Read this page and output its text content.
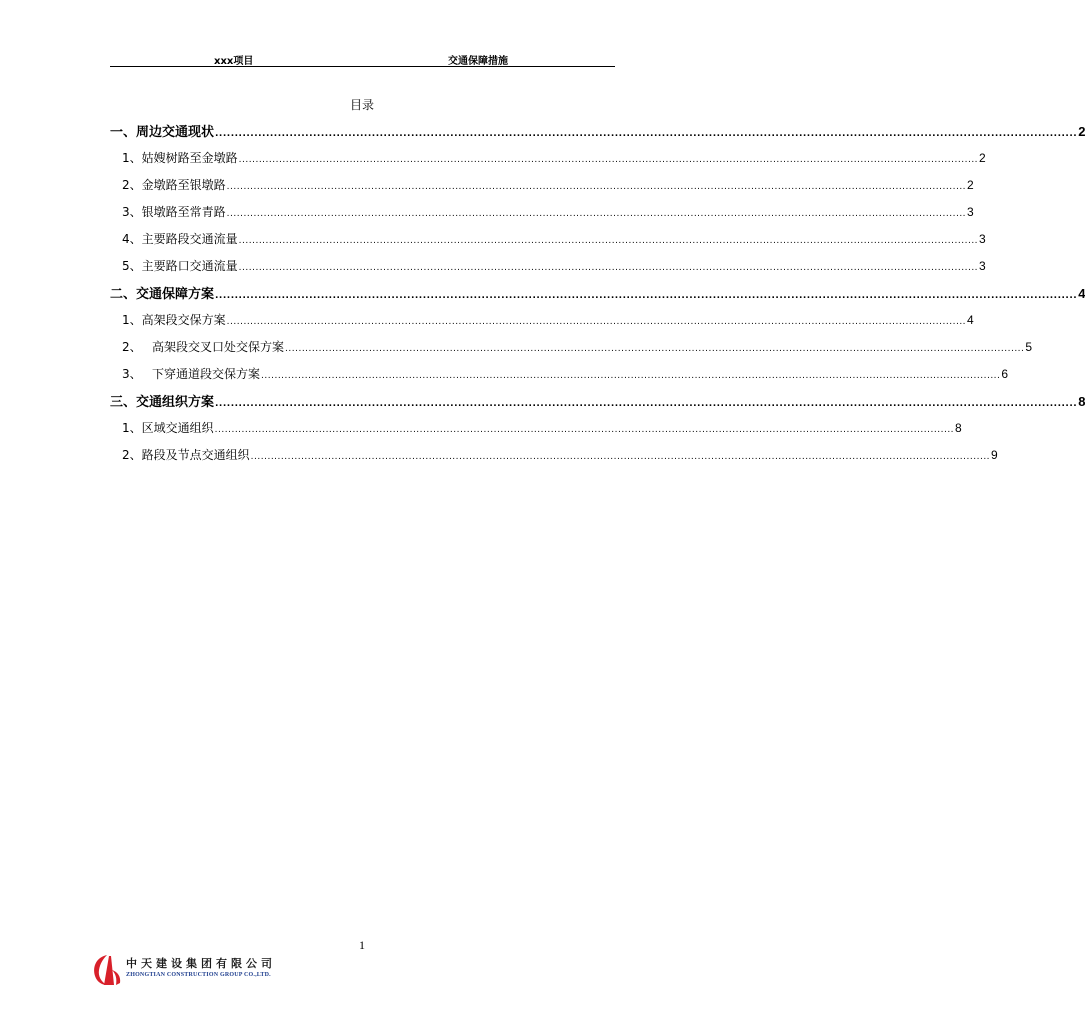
xxx项目	交通保障措施
目录
一、周边交通现状 ............................................................................................................................................................................................................................ 2
1、 姑嫂树路至金墩路 ............................................................................................................................................................................................................................ 2
2、 金墩路至银墩路 ............................................................................................................................................................................................................................ 2
3、 银墩路至常青路 ............................................................................................................................................................................................................................ 3
4、 主要路段交通流量 ............................................................................................................................................................................................................................ 3
5、 主要路口交通流量 ............................................................................................................................................................................................................................ 3
二、交通保障方案 ............................................................................................................................................................................................................................ 4
1、 高架段交保方案 ............................................................................................................................................................................................................................ 4
2、 高架段交叉口处交保方案 ............................................................................................................................................................................................................................ 5
3、 下穿通道段交保方案 ............................................................................................................................................................................................................................ 6
三、交通组织方案 ............................................................................................................................................................................................................................ 8
1、 区域交通组织 ............................................................................................................................................................................................................................ 8
2、 路段及节点交通组织 ............................................................................................................................................................................................................................ 9
1
中天建设集团有限公司
ZHONGTIAN CONSTRUCTION GROUP CO.,LTD.
